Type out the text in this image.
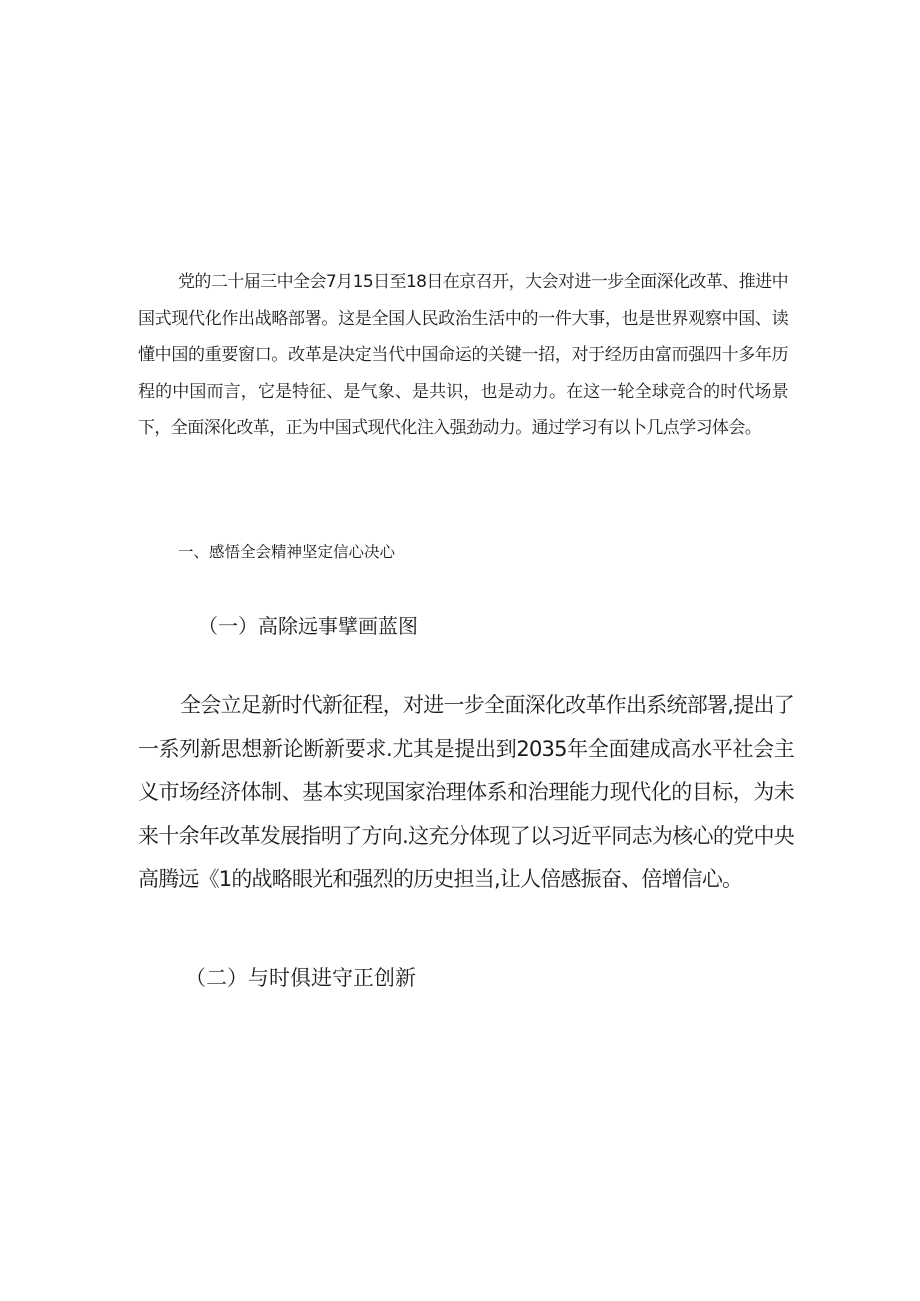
党的二十届三中全会7月15日至18日在京召开，大会对进一步全面深化改革、推进中国式现代化作出战略部署。这是全国人民政治生活中的一件大事，也是世界观察中国、读懂中国的重要窗口。改革是决定当代中国命运的关键一招，对于经历由富而强四十多年历程的中国而言，它是特征、是气象、是共识，也是动力。在这一轮全球竞合的时代场景下，全面深化改革，正为中国式现代化注入强劲动力。通过学习有以卜几点学习体会。

一、感悟全会精神坚定信心决心
（一）高除远事擘画蓝图

全会立足新时代新征程，对进一步全面深化改革作出系统部署,提出了一系列新思想新论断新要求.尤其是提出到2035年全面建成高水平社会主义市场经济体制、基本实现国家治理体系和治理能力现代化的目标，为未来十余年改革发展指明了方向.这充分体现了以习近平同志为核心的党中央高腾远《1的战略眼光和强烈的历史担当,让人倍感振奋、倍增信心。

（二）与时俱进守正创新
